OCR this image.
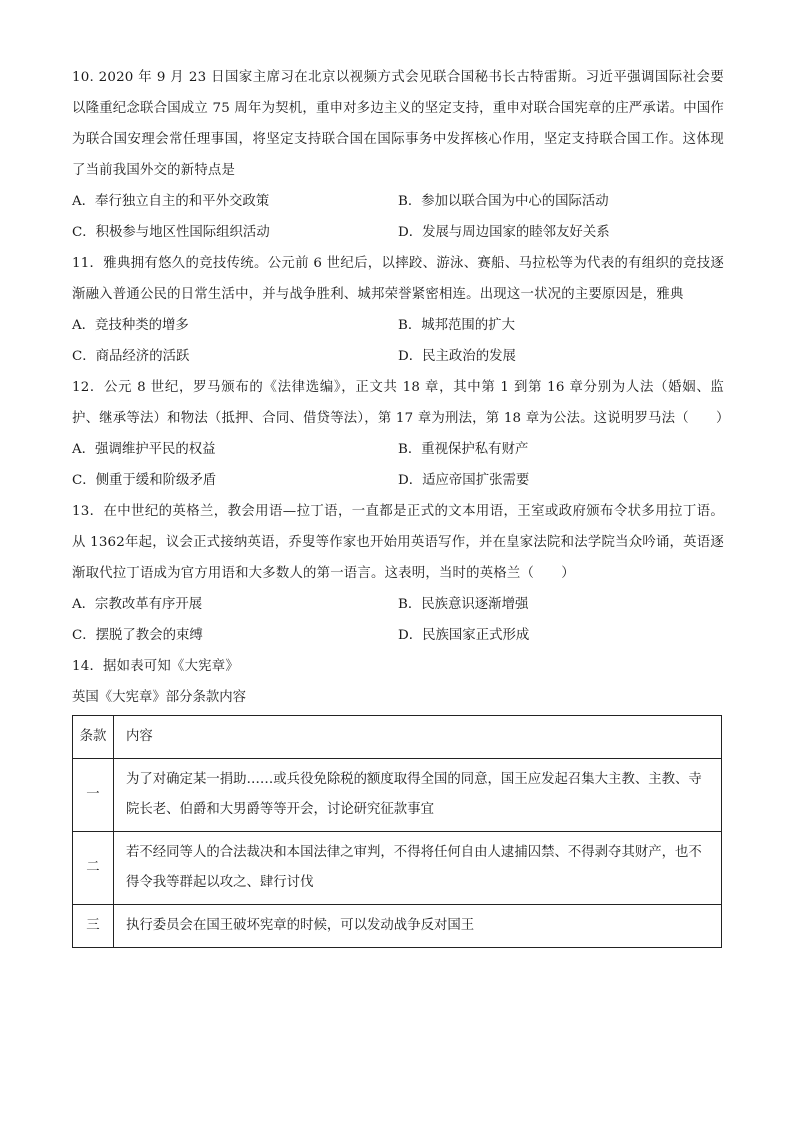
10. 2020 年 9 月 23 日国家主席习在北京以视频方式会见联合国秘书长古特雷斯。习近平强调国际社会要以隆重纪念联合国成立 75 周年为契机，重申对多边主义的坚定支持，重申对联合国宪章的庄严承诺。中国作为联合国安理会常任理事国，将坚定支持联合国在国际事务中发挥核心作用，坚定支持联合国工作。这体现了当前我国外交的新特点是

A．奉行独立自主的和平外交政策	B．参加以联合国为中心的国际活动
C．积极参与地区性国际组织活动	D．发展与周边国家的睦邻友好关系

11．雅典拥有悠久的竞技传统。公元前 6 世纪后，以摔跤、游泳、赛船、马拉松等为代表的有组织的竞技逐渐融入普通公民的日常生活中，并与战争胜利、城邦荣誉紧密相连。出现这一状况的主要原因是，雅典

A．竞技种类的增多	B．城邦范围的扩大
C．商品经济的活跃	D．民主政治的发展

12．公元 8 世纪，罗马颁布的《法律选编》，正文共 18 章，其中第 1 到第 16 章分别为人法（婚姻、监护、继承等法）和物法（抵押、合同、借贷等法），第 17 章为刑法，第 18 章为公法。这说明罗马法（　　）

A．强调维护平民的权益	B．重视保护私有财产
C．侧重于缓和阶级矛盾	D．适应帝国扩张需要

13．在中世纪的英格兰，教会用语—拉丁语，一直都是正式的文本用语，王室或政府颁布令状多用拉丁语。从 1362年起，议会正式接纳英语，乔叟等作家也开始用英语写作，并在皇家法院和法学院当众吟诵，英语逐渐取代拉丁语成为官方用语和大多数人的第一语言。这表明，当时的英格兰（　　）

A．宗教改革有序开展	B．民族意识逐渐增强
C．摆脱了教会的束缚	D．民族国家正式形成

14．据如表可知《大宪章》

英国《大宪章》部分条款内容

条款	内容
一	为了对确定某一捐助……或兵役免除税的额度取得全国的同意，国王应发起召集大主教、主教、寺院长老、伯爵和大男爵等等开会，讨论研究征款事宜
二	若不经同等人的合法裁决和本国法律之审判，不得将任何自由人逮捕囚禁、不得剥夺其财产，也不得令我等群起以攻之、肆行讨伐
三	执行委员会在国王破坏宪章的时候，可以发动战争反对国王
